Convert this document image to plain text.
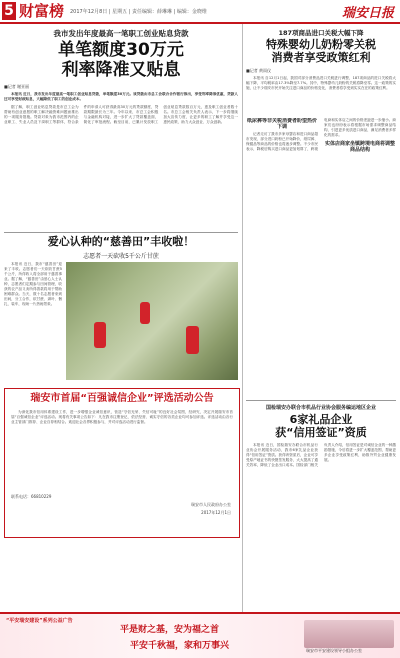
5 财富榜 2017年12月8日 | 星期五 | 责任编辑：薛琳琳 | 编辑：金晓维	瑞安日报
我市发出年度最高一笔职工创业贴息贷款
单笔额度30万元
利率降准又贴息
■记者 谢亚丽

本报讯 近日，我市发出年度最高一笔职工创业贴息贷款，单笔额度30万元。该贷款由市总工会联合合作银行推出，享受利率降准优惠，贷款人还可享受财政贴息，大幅降低了职工的创业成本。

据了解，职工创业贴息贷款是市总工会为帮助有创业意愿的职工解决融资难问题而推出的一项服务措施。贷款对象为我市范围内的企业职工、失业人员及下岗职工等群体，符合条件的申请人可获得最高30万元的贷款额度，贷款期限最长为三年。今年以来，市总工会积极与金融机构对接，进一步扩大了贷款覆盖面，简化了审批流程。截至目前，已累计发放职工创业贴息贷款数百万元，惠及职工创业者数十名。市总工会相关负责人表示，下一步将继续加大宣传力度，让更多的职工了解并享受这一惠民政策，助力大众创业、万众创新。

爱心认种的“慈善田”丰收啦！
志愿者一天砍收5千公斤甘蔗

本报讯 近日，我市“慈善田”迎来了丰收。志愿者们一天砍收甘蔗5千公斤，所得收入将全部用于慈善事业。据了解，“慈善田”由爱心人士认种，志愿者们定期参与田间管理，收获的农产品义卖所得善款将用于帮助困难群众。当天，数十名志愿者来到田间，分工合作，砍甘蔗、剥叶、捆扎、装车，现场一片热闹景象。

瑞安市首届“百强诚信企业”评选活动公告

为深化我市信用体系建设工作，进一步增强企业诚信意识，营造“守信光荣、失信可耻”的良好社会氛围，经研究，决定开展瑞安市首届“百强诚信企业”评选活动。现将有关事项公告如下：凡在我市注册登记、依法经营、诚实守信的各类企业均可参加评选。评选活动由各行业主管部门推荐、企业自荐相结合。欢迎社会各界积极参与，并对评选活动进行监督。

联系电话：66810229
瑞安市人民政府办公室
2017年12月1日
187项商品进口关税大幅下降
特殊婴幼儿奶粉零关税
消费者享受政策红利
■记者 黄雨仪

本报讯 自12月1日起，我国对部分消费品进口关税进行调整，187项商品的进口关税将大幅下降，平均税率由17.3%降至7.7%。其中，特殊婴幼儿奶粉的关税将降至零。这一政策的实施，让不少瑞安市民开始关注进口商品的价格变化，消费者将享受到实实在在的政策红利。

纸尿裤等非关税消费者盼望热价下调

记者走访了我市多家母婴店和进口商品超市发现，部分进口奶粉已开始降价，纸尿裤、保健品等商品的价格也将逐步调整。不少市民表示，降税后购买进口商品更加划算了，跨境电商和实体店之间的价格差距进一步缩小。商家们也纷纷表示将根据市场需求调整商品结构，引进更多优质进口商品，满足消费者多样化的需求。

实体店商家坐镇跨境电商将调整商品结构
国检瑞安办联合市机品行业协会服务编运地区企业
6家礼品企业
获“信用签证”资质

本报讯 近日，国检瑞安办联合市机品行业协会开展服务活动，我市6家礼品企业获得“信用签证”资质。获得该资质后，企业可享受原产地证书的快捷签发服务，大大提高了通关效率，降低了企业出口成本。国检部门相关负责人介绍，信用签证是对诚信企业的一种激励措施，今后将进一步扩大覆盖范围，帮助更多企业享受政策红利，助推外贸企业健康发展。

“平安瑞安建设”系列公益广告
平是财之基，安为福之首
平安千秋福，家和万事兴	瑞安市平安建设领导小组办公室
